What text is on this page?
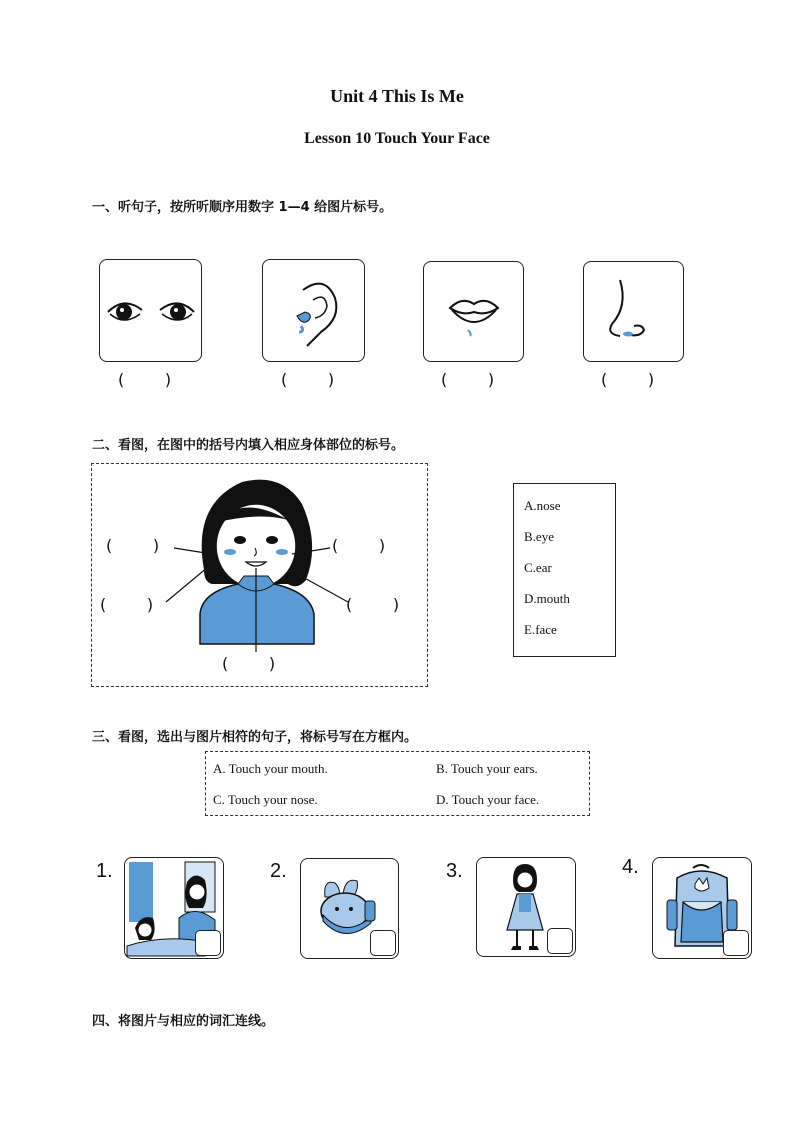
Unit 4 This Is Me
Lesson 10 Touch Your Face
一、听句子，按所听顺序用数字 1—4 给图片标号。
(        )	(        )	(        )	(        )
二、看图，在图中的括号内填入相应身体部位的标号。
(        )	(        )
(        )	(        )
(        )
A.nose
B.eye
C.ear
D.mouth
E.face
三、看图，选出与图片相符的句子，将标号写在方框内。
A. Touch your mouth.	B. Touch your ears.
C. Touch your nose.	D. Touch your face.
1.	2.	3.	4.
四、将图片与相应的词汇连线。
